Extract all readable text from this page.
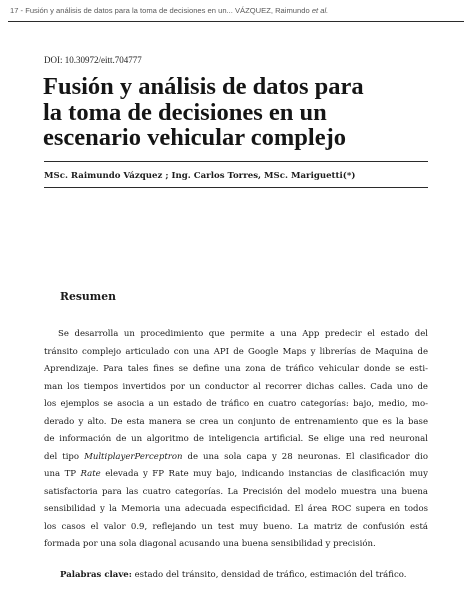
17 - Fusión y análisis de datos para la toma de decisiones en un... VÁZQUEZ, Raimundo et al.
DOI: 10.30972/eitt.704777
Fusión y análisis de datos para
la toma de decisiones en un
escenario vehicular complejo
MSc. Raimundo Vázquez ; Ing. Carlos Torres, MSc. Mariguetti(*)
Resumen
Se desarrolla un procedimiento que permite a una App predecir el estado del
tránsito complejo articulado con una API de Google Maps y librerías de Maquina de
Aprendizaje. Para tales fines se define una zona de tráfico vehicular donde se esti-
man los tiempos invertidos por un conductor al recorrer dichas calles. Cada uno de
los ejemplos se asocia a un estado de tráfico en cuatro categorías: bajo, medio, mo-
derado y alto. De esta manera se crea un conjunto de entrenamiento que es la base
de información de un algoritmo de inteligencia artificial. Se elige una red neuronal
del tipo MultiplayerPerceptron de una sola capa y 28 neuronas. El clasificador dio
una TP Rate elevada y FP Rate muy bajo, indicando instancias de clasificación muy
satisfactoria para las cuatro categorías. La Precisión del modelo muestra una buena
sensibilidad y la Memoria una adecuada especificidad. El área ROC supera en todos
los casos el valor 0.9, reflejando un test muy bueno. La matriz de confusión está
formada por una sola diagonal acusando una buena sensibilidad y precisión.
Palabras clave: estado del tránsito, densidad de tráfico, estimación del tráfico.
